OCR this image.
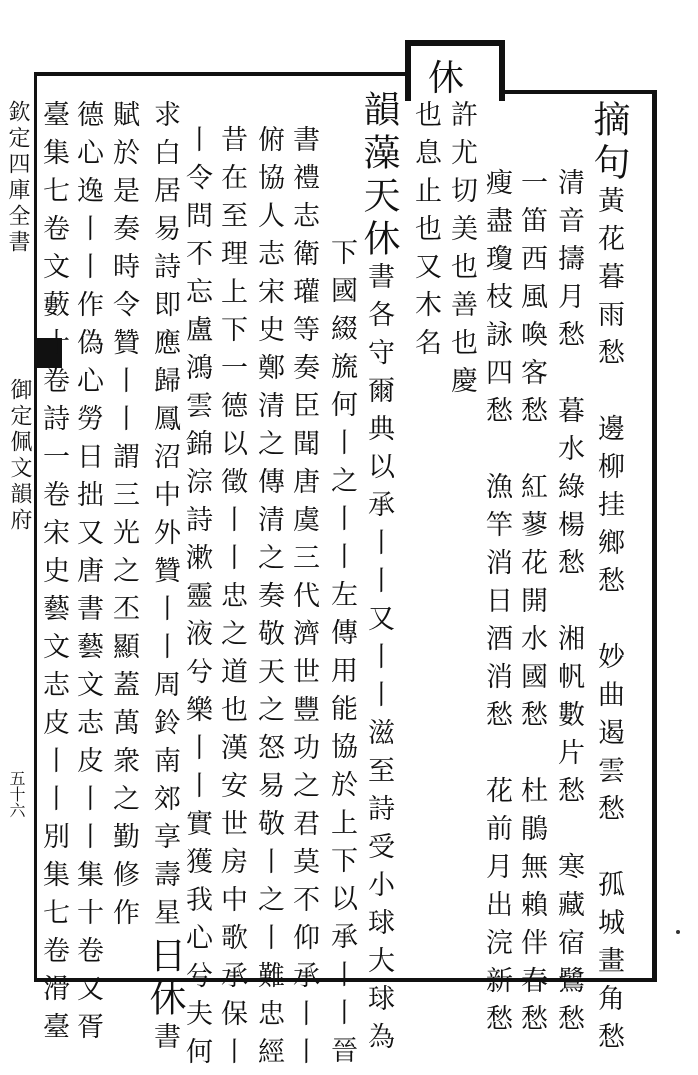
休
欽定四庫全書
御定佩文韻府
五十六
摘句黃花暮雨愁　邊柳挂鄉愁　妙曲遏雲愁　孤城畫角愁
清音擣月愁　暮水綠楊愁　湘帆數片愁　寒藏宿鷺愁
一笛西風喚客愁　紅蓼花開水國愁　杜鵑無賴伴春愁
瘦盡瓊枝詠四愁　漁竿消日酒消愁　花前月出浣新愁
許尤切美也善也慶
也息止也又木名
韻藻天休書各守爾典以承丨丨又丨丨滋至詩受小球大球為
下國綴旒何丨之丨丨左傳用能協於上下以承丨丨晉
書禮志衛瓘等奏臣聞唐虞三代濟世豐功之君莫不仰承丨丨
俯協人志宋史鄭清之傳清之奏敬天之怒易敬丨之丨難忠經
昔在至理上下一德以徵丨丨忠之道也漢安世房中歌承保丨
丨令問不忘盧鴻雲錦淙詩漱靈液兮樂丨丨實獲我心兮夫何
求白居易詩即應歸鳳沼中外贊丨丨周鈴南郊享壽星日休書
賦於是奏時令贊丨丨謂三光之丕顯蓋萬衆之勤修作
德心逸丨丨作偽心勞日拙又唐書藝文志皮丨丨集十卷又胥
臺集七卷文藪十卷詩一卷宋史藝文志皮丨丨別集七卷滑臺
